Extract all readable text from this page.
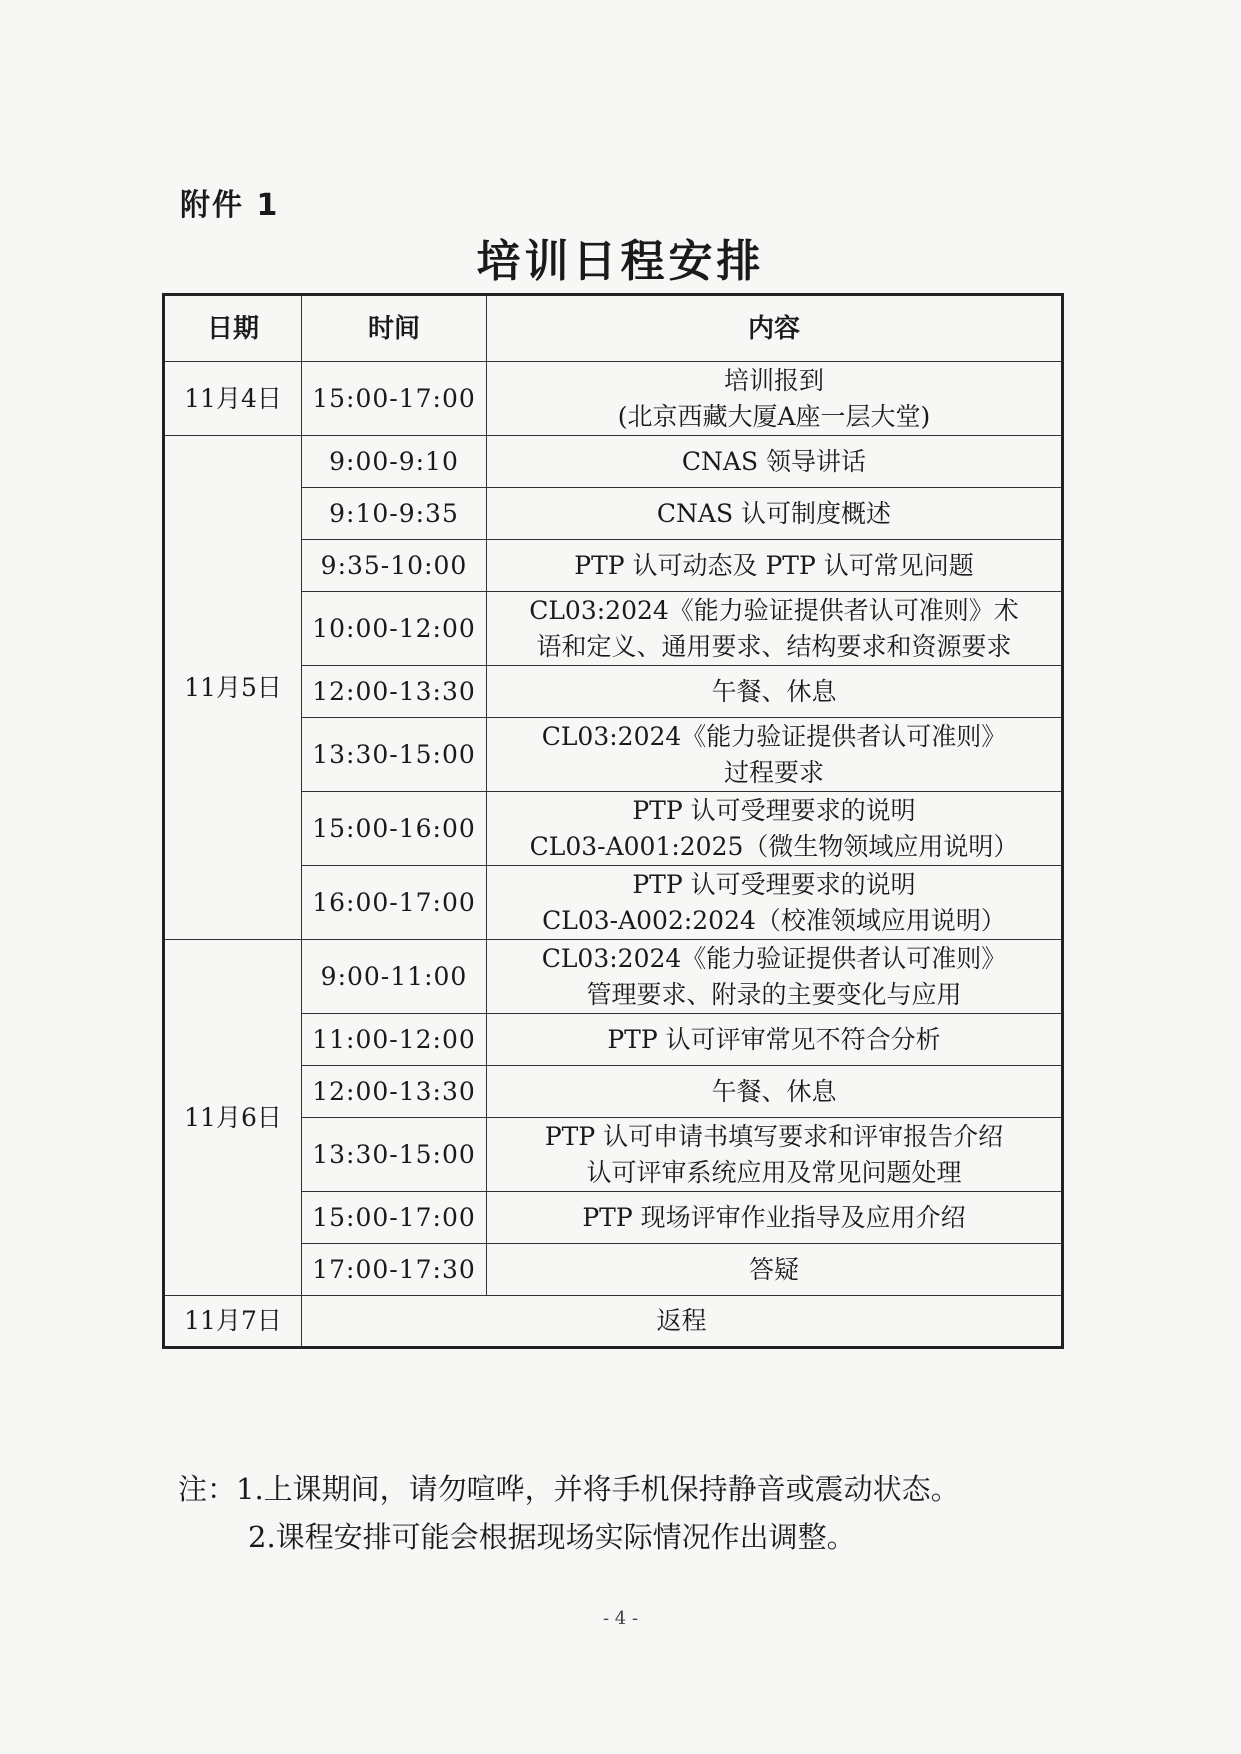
附件 1
培训日程安排
日期	时间	内容
11月4日	15:00-17:00	培训报到
(北京西藏大厦A座一层大堂)

11月5日	9:00-9:10	CNAS 领导讲话

	9:10-9:35	CNAS 认可制度概述

	9:35-10:00	PTP 认可动态及 PTP 认可常见问题

	10:00-12:00	CL03:2024《能力验证提供者认可准则》术
语和定义、通用要求、结构要求和资源要求

	12:00-13:30	午餐、休息

	13:30-15:00	CL03:2024《能力验证提供者认可准则》
过程要求

	15:00-16:00	PTP 认可受理要求的说明
CL03-A001:2025（微生物领域应用说明）

	16:00-17:00	PTP 认可受理要求的说明
CL03-A002:2024（校准领域应用说明）

11月6日	9:00-11:00	CL03:2024《能力验证提供者认可准则》
管理要求、附录的主要变化与应用

	11:00-12:00	PTP 认可评审常见不符合分析

	12:00-13:30	午餐、休息

	13:30-15:00	PTP 认可申请书填写要求和评审报告介绍
认可评审系统应用及常见问题处理

	15:00-17:00	PTP 现场评审作业指导及应用介绍

	17:00-17:30	答疑

11月7日	返程	
注：1.上课期间，请勿喧哗，并将手机保持静音或震动状态。
2.课程安排可能会根据现场实际情况作出调整。
- 4 -
